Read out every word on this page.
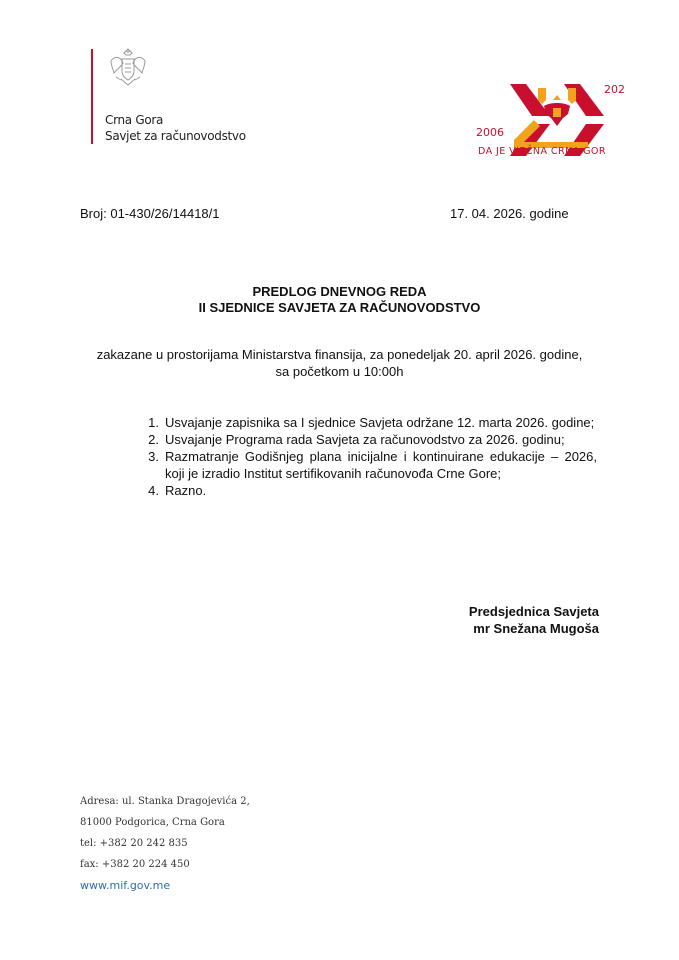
Crna Gora
Savjet za računovodstvo
202
2006
DA JE VJEČNA CRNA GOR
XX
Broj: 01-430/26/14418/1	17. 04. 2026. godine
PREDLOG DNEVNOG REDA
II SJEDNICE SAVJETA ZA RAČUNOVODSTVO
zakazane u prostorijama Ministarstva finansija, za ponedeljak 20. april 2026. godine,
sa početkom u 10:00h
1. Usvajanje zapisnika sa I sjednice Savjeta održane 12. marta 2026. godine;
2. Usvajanje Programa rada Savjeta za računovodstvo za 2026. godinu;
3. Razmatranje Godišnjeg plana inicijalne i kontinuirane edukacije – 2026, koji je izradio Institut sertifikovanih računovođa Crne Gore;
4. Razno.
Predsjednica Savjeta
mr Snežana Mugoša
Adresa: ul. Stanka Dragojevića 2,
81000 Podgorica, Crna Gora
tel: +382 20 242 835
fax: +382 20 224 450
www.mif.gov.me
